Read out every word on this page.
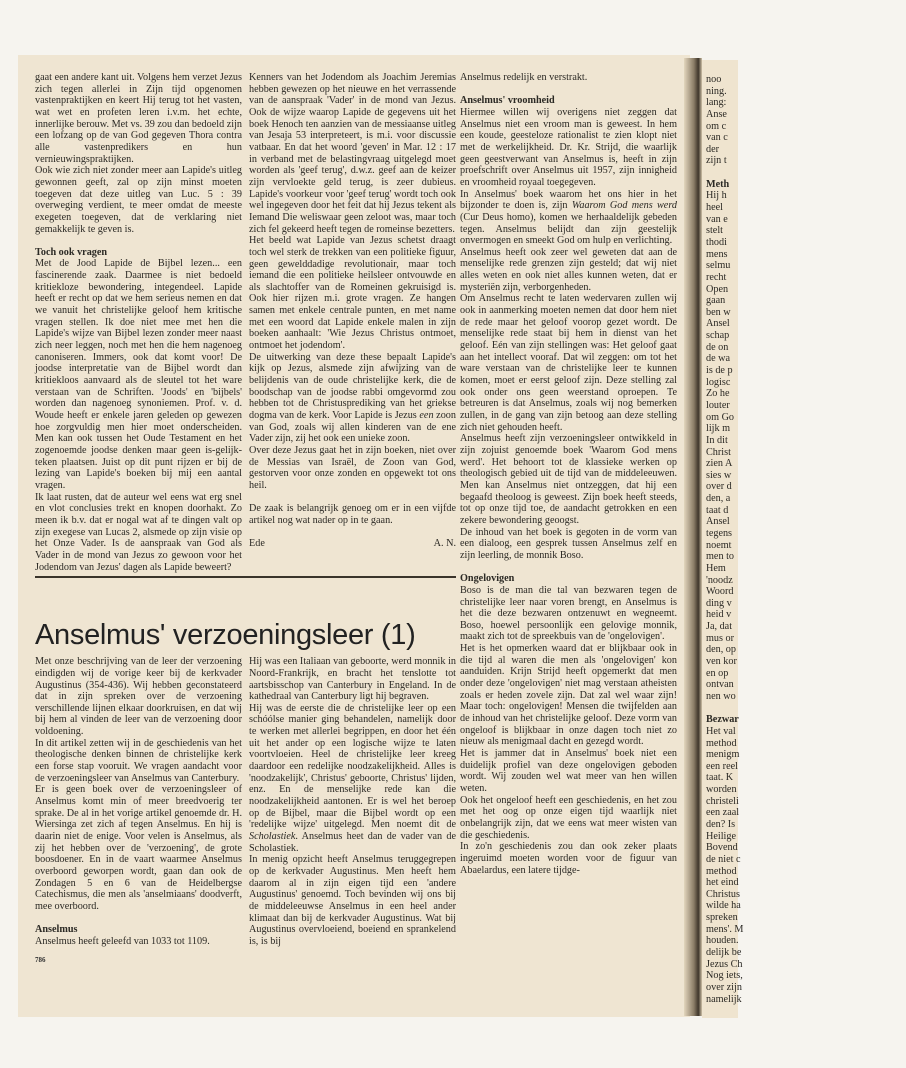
noo
ning.
lang:
Anse
om c
van c
der
zijn t
Meth
Hij h
heel
van e
stelt
thodi
mens
selmu
recht
Open
gaan
ben w
Ansel
schap
de on
de wa
is de p
logisc
Zo he
louter
om Go
lijk m
In dit
Christ
zien A
sies w
over d
den, a
taat d
Ansel
tegens
noemt
men to
Hem
'noodz
Woord
ding v
heid v
Ja, dat
mus or
den, op
ven kor
en op
ontvan
nen wo
Bezwar
Het val
method
menigm
een reel
taat. K
worden
christeli
een zaal
den? Is
Heilige
Bovend
de niet c
method
het eind
Christus
wilde ha
spreken
mens'. M
houden.
delijk be
Jezus Ch
Nog iets,
over zijn
namelijk

gaat een andere kant uit. Volgens hem verzet Jezus zich tegen allerlei in Zijn tijd opgenomen vastenpraktijken en keert Hij terug tot het vasten, wat wet en profeten leren i.v.m. het echte, innerlijke berouw. Met vs. 39 zou dan bedoeld zijn een lofzang op de van God gegeven Thora contra alle vastenpredikers en hun vernieuwingspraktijken.

Ook wie zich niet zonder meer aan Lapide's uitleg gewonnen geeft, zal op zijn minst moeten toegeven dat deze uitleg van Luc. 5 : 39 overweging verdient, te meer omdat de meeste exegeten toegeven, dat de verklaring niet gemakkelijk te geven is.

Toch ook vragen

Met de Jood Lapide de Bijbel lezen... een fascinerende zaak. Daarmee is niet bedoeld kritiekloze bewondering, integendeel. Lapide heeft er recht op dat we hem serieus nemen en dat we vanuit het christelijke geloof hem kritische vragen stellen. Ik doe niet mee met hen die Lapide's wijze van Bijbel lezen zonder meer naast zich neer leggen, noch met hen die hem nagenoeg canoniseren. Immers, ook dat komt voor! De joodse interpretatie van de Bijbel wordt dan kritiekloos aanvaard als de sleutel tot het ware verstaan van de Schriften. 'Joods' en 'bijbels' worden dan nagenoeg synoniemen. Prof. v. d. Woude heeft er enkele jaren geleden op gewezen hoe zorgvuldig men hier moet onderscheiden. Men kan ook tussen het Oude Testament en het zogenoemde joodse denken maar geen is-gelijk-teken plaatsen. Juist op dit punt rijzen er bij de lezing van Lapide's boeken bij mij een aantal vragen.

Ik laat rusten, dat de auteur wel eens wat erg snel en vlot conclusies trekt en knopen doorhakt. Zo meen ik b.v. dat er nogal wat af te dingen valt op zijn exegese van Lucas 2, alsmede op zijn visie op het Onze Vader. Is de aanspraak van God als Vader in de mond van Jezus zo gewoon voor het Jodendom van Jezus' dagen als Lapide beweert?

Kenners van het Jodendom als Joachim Jeremias hebben gewezen op het nieuwe en het verrassende van de aanspraak 'Vader' in de mond van Jezus. Ook de wijze waarop Lapide de gegevens uit het boek Henoch ten aanzien van de messiaanse uitleg van Jesaja 53 interpreteert, is m.i. voor discussie vatbaar. En dat het woord 'geven' in Mar. 12 : 17 in verband met de belastingvraag uitgelegd moet worden als 'geef terug', d.w.z. geef aan de keizer zijn vervloekte geld terug, is zeer dubieus. Lapide's voorkeur voor 'geef terug' wordt toch ook wel ingegeven door het feit dat hij Jezus tekent als Iemand Die weliswaar geen zeloot was, maar toch zich fel gekeerd heeft tegen de romeinse bezetters.

Het beeld wat Lapide van Jezus schetst draagt toch wel sterk de trekken van een politieke figuur, geen gewelddadige revolutionair, maar toch iemand die een politieke heilsleer ontvouwde en als slachtoffer van de Romeinen gekruisigd is. Ook hier rijzen m.i. grote vragen. Ze hangen samen met enkele centrale punten, en met name met een woord dat Lapide enkele malen in zijn boeken aanhaalt: 'Wie Jezus Christus ontmoet, ontmoet het jodendom'.

De uitwerking van deze these bepaalt Lapide's kijk op Jezus, alsmede zijn afwijzing van de belijdenis van de oude christelijke kerk, die de boodschap van de joodse rabbi omgevormd zou hebben tot de Christusprediking van het griekse dogma van de kerk. Voor Lapide is Jezus een zoon van God, zoals wij allen kinderen van de ene Vader zijn, zij het ook een unieke zoon.

Over deze Jezus gaat het in zijn boeken, niet over de Messias van Israël, de Zoon van God, gestorven voor onze zonden en opgewekt tot ons heil.

De zaak is belangrijk genoeg om er in een vijfde artikel nog wat nader op in te gaan.

Ede	A. N.
Anselmus' verzoeningsleer (1)

Met onze beschrijving van de leer der verzoening eindigden wij de vorige keer bij de kerkvader Augustinus (354-436). Wij hebben geconstateerd dat in zijn spreken over de verzoening verschillende lijnen elkaar doorkruisen, en dat wij bij hem al vinden de leer van de verzoening door voldoening.

In dit artikel zetten wij in de geschiedenis van het theologische denken binnen de christelijke kerk een forse stap vooruit. We vragen aandacht voor de verzoeningsleer van Anselmus van Canterbury.

Er is geen boek over de verzoeningsleer of Anselmus komt min of meer breedvoerig ter sprake. De al in het vorige artikel genoemde dr. H. Wiersinga zet zich af tegen Anselmus. En hij is daarin niet de enige. Voor velen is Anselmus, als zij het hebben over de 'verzoening', de grote boosdoener. En in de vaart waarmee Anselmus overboord geworpen wordt, gaan dan ook de Zondagen 5 en 6 van de Heidelbergse Catechismus, die men als 'anselmiaans' doodverft, mee overboord.

Anselmus

Anselmus heeft geleefd van 1033 tot 1109.

Hij was een Italiaan van geboorte, werd monnik in Noord-Frankrijk, en bracht het tenslotte tot aartsbisschop van Canterbury in Engeland. In de kathedraal van Canterbury ligt hij begraven.

Hij was de eerste die de christelijke leer op een schóólse manier ging behandelen, namelijk door te werken met allerlei begrippen, en door het één uit het ander op een logische wijze te laten voortvloeien. Heel de christelijke leer kreeg daardoor een redelijke noodzakelijkheid. Alles is 'noodzakelijk', Christus' geboorte, Christus' lijden, enz. En de menselijke rede kan die noodzakelijkheid aantonen. Er is wel het beroep op de Bijbel, maar die Bijbel wordt op een 'redelijke wijze' uitgelegd. Men noemt dit de Scholastiek. Anselmus heet dan de vader van de Scholastiek.

In menig opzicht heeft Anselmus teruggegrepen op de kerkvader Augustinus. Men heeft hem daarom al in zijn eigen tijd een 'andere Augustinus' genoemd. Toch bevinden wij ons bij de middeleeuwse Anselmus in een heel ander klimaat dan bij de kerkvader Augustinus. Wat bij Augustinus overvloeiend, boeiend en sprankelend is, is bij

786

Anselmus redelijk en verstrakt.

Anselmus' vroomheid

Hiermee willen wij overigens niet zeggen dat Anselmus niet een vroom man is geweest. In hem een koude, geesteloze rationalist te zien klopt niet met de werkelijkheid. Dr. Kr. Strijd, die waarlijk geen geestverwant van Anselmus is, heeft in zijn proefschrift over Anselmus uit 1957, zijn innigheid en vroomheid royaal toegegeven.

In Anselmus' boek waarom het ons hier in het bijzonder te doen is, zijn Waarom God mens werd (Cur Deus homo), komen we herhaaldelijk gebeden tegen. Anselmus belijdt dan zijn geestelijk onvermogen en smeekt God om hulp en verlichting.

Anselmus heeft ook zeer wel geweten dat aan de menselijke rede grenzen zijn gesteld; dat wij niet alles weten en ook niet alles kunnen weten, dat er mysteriën zijn, verborgenheden.

Om Anselmus recht te laten wedervaren zullen wij ook in aanmerking moeten nemen dat door hem niet de rede maar het geloof voorop gezet wordt. De menselijke rede staat bij hem in dienst van het geloof. Eén van zijn stellingen was: Het geloof gaat aan het intellect vooraf. Dat wil zeggen: om tot het ware verstaan van de christelijke leer te kunnen komen, moet er eerst geloof zijn. Deze stelling zal ook onder ons geen weerstand oproepen. Te betreuren is dat Anselmus, zoals wij nog bemerken zullen, in de gang van zijn betoog aan deze stelling zich niet gehouden heeft.

Anselmus heeft zijn verzoeningsleer ontwikkeld in zijn zojuist genoemde boek 'Waarom God mens werd'. Het behoort tot de klassieke werken op theologisch gebied uit de tijd van de middeleeuwen. Men kan Anselmus niet ontzeggen, dat hij een begaafd theoloog is geweest. Zijn boek heeft steeds, tot op onze tijd toe, de aandacht getrokken en een zekere bewondering geoogst.

De inhoud van het boek is gegoten in de vorm van een dialoog, een gesprek tussen Anselmus zelf en zijn leerling, de monnik Boso.

Ongelovigen

Boso is de man die tal van bezwaren tegen de christelijke leer naar voren brengt, en Anselmus is het die deze bezwaren ontzenuwt en wegneemt. Boso, hoewel persoonlijk een gelovige monnik, maakt zich tot de spreekbuis van de 'ongelovigen'.

Het is het opmerken waard dat er blijkbaar ook in die tijd al waren die men als 'ongelovigen' kon aanduiden. Krijn Strijd heeft opgemerkt dat men onder deze 'ongelovigen' niet mag verstaan atheisten zoals er heden zovele zijn. Dat zal wel waar zijn! Maar toch: ongelovigen! Mensen die twijfelden aan de inhoud van het christelijke geloof. Deze vorm van ongeloof is blijkbaar in onze dagen toch niet zo nieuw als menigmaal dacht en gezegd wordt.

Het is jammer dat in Anselmus' boek niet een duidelijk profiel van deze ongelovigen geboden wordt. Wij zouden wel wat meer van hen willen weten.

Ook het ongeloof heeft een geschiedenis, en het zou met het oog op onze eigen tijd waarlijk niet onbelangrijk zijn, dat we eens wat meer wisten van die geschiedenis.

In zo'n geschiedenis zou dan ook zeker plaats ingeruimd moeten worden voor de figuur van Abaelardus, een latere tijdge-
